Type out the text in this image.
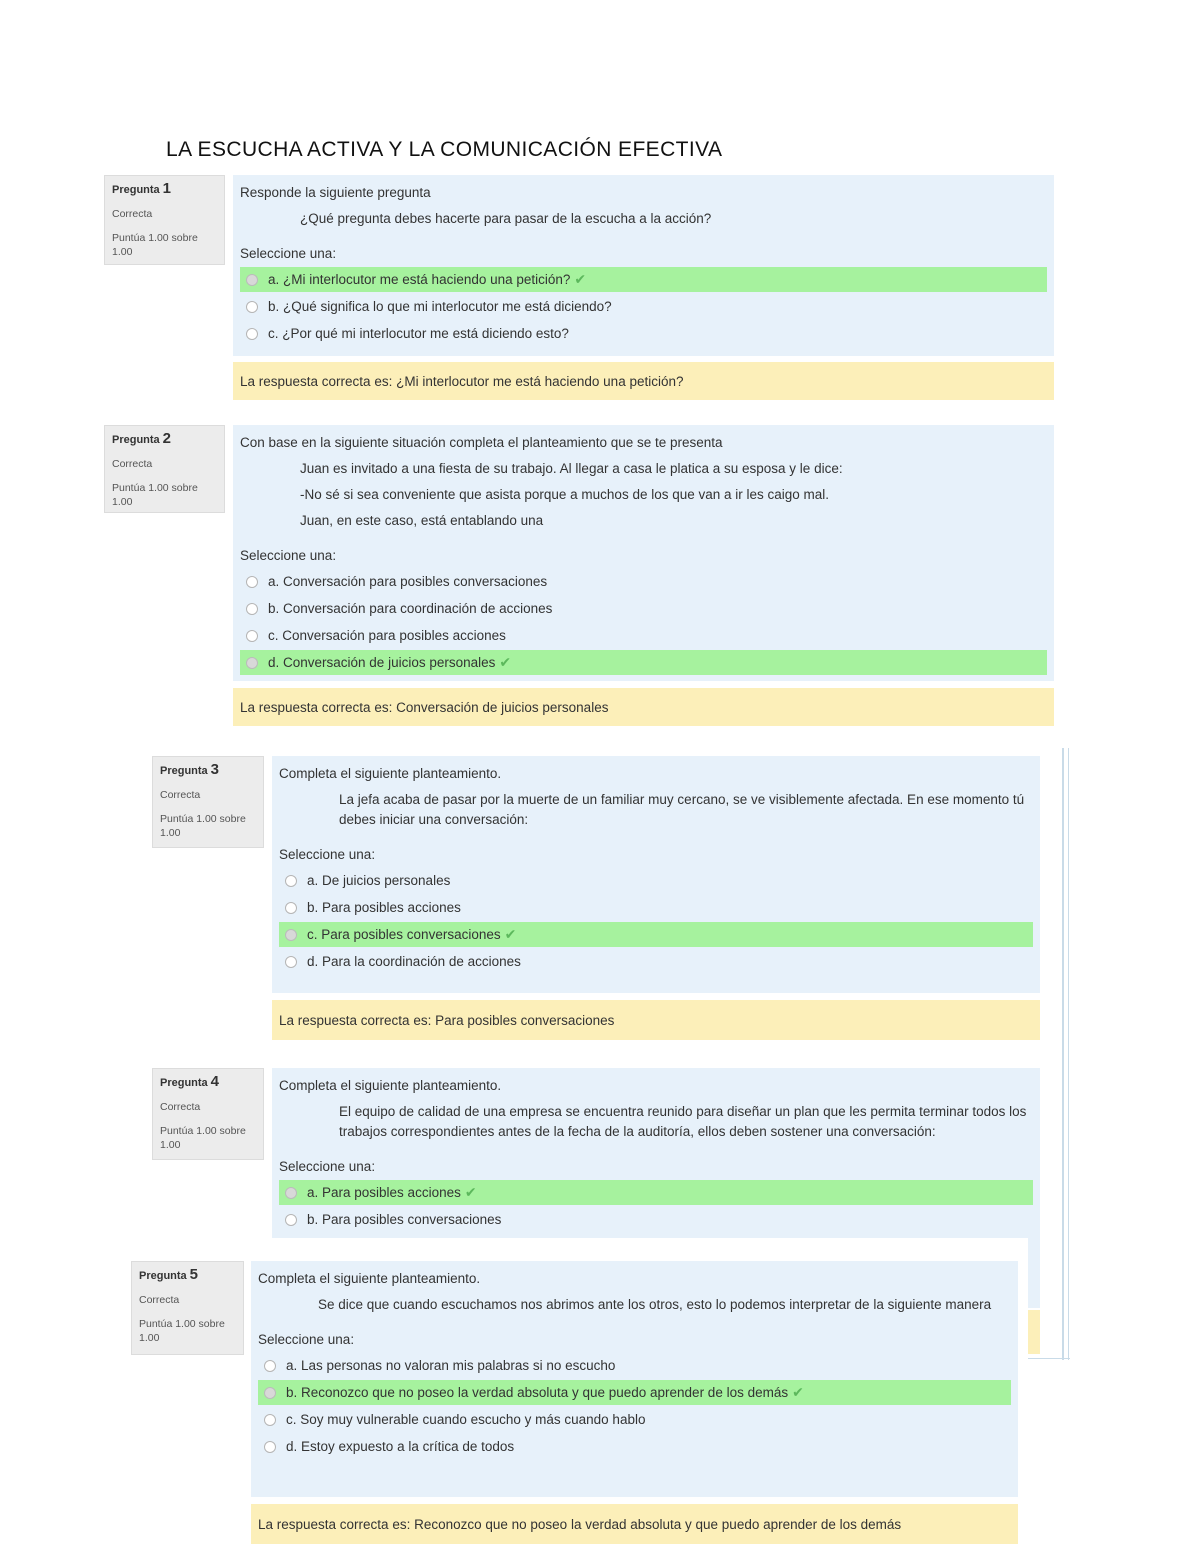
LA ESCUCHA ACTIVA Y LA COMUNICACIÓN EFECTIVA
Pregunta 1
Correcta
Puntúa 1.00 sobre 1.00
Responde la siguiente pregunta

¿Qué pregunta debes hacerte para pasar de la escucha a la acción?

Seleccione una:
a. ¿Mi interlocutor me está haciendo una petición? ✔
b. ¿Qué significa lo que mi interlocutor me está diciendo?
c. ¿Por qué mi interlocutor me está diciendo esto?
La respuesta correcta es: ¿Mi interlocutor me está haciendo una petición?
Pregunta 2
Correcta
Puntúa 1.00 sobre 1.00
Con base en la siguiente situación completa el planteamiento que se te presenta

Juan es invitado a una fiesta de su trabajo. Al llegar a casa le platica a su esposa y le dice:

-No sé si sea conveniente que asista porque a muchos de los que van a ir les caigo mal.

Juan, en este caso, está entablando una

Seleccione una:
a. Conversación para posibles conversaciones
b. Conversación para coordinación de acciones
c. Conversación para posibles acciones
d. Conversación de juicios personales ✔
La respuesta correcta es: Conversación de juicios personales
Pregunta 3
Correcta
Puntúa 1.00 sobre 1.00
Completa el siguiente planteamiento.

La jefa acaba de pasar por la muerte de un familiar muy cercano, se ve visiblemente afectada. En ese momento tú debes iniciar una conversación:

Seleccione una:
a. De juicios personales
b. Para posibles acciones
c. Para posibles conversaciones ✔
d. Para la coordinación de acciones
La respuesta correcta es: Para posibles conversaciones
Pregunta 4
Correcta
Puntúa 1.00 sobre 1.00
Completa el siguiente planteamiento.

El equipo de calidad de una empresa se encuentra reunido para diseñar un plan que les permita terminar todos los trabajos correspondientes antes de la fecha de la auditoría, ellos deben sostener una conversación:

Seleccione una:
a. Para posibles acciones ✔
b. Para posibles conversaciones
Pregunta 5
Correcta
Puntúa 1.00 sobre 1.00
Completa el siguiente planteamiento.

Se dice que cuando escuchamos nos abrimos ante los otros, esto lo podemos interpretar de la siguiente manera

Seleccione una:
a. Las personas no valoran mis palabras si no escucho
b. Reconozco que no poseo la verdad absoluta y que puedo aprender de los demás ✔
c. Soy muy vulnerable cuando escucho y más cuando hablo
d. Estoy expuesto a la crítica de todos
La respuesta correcta es: Reconozco que no poseo la verdad absoluta y que puedo aprender de los demás
